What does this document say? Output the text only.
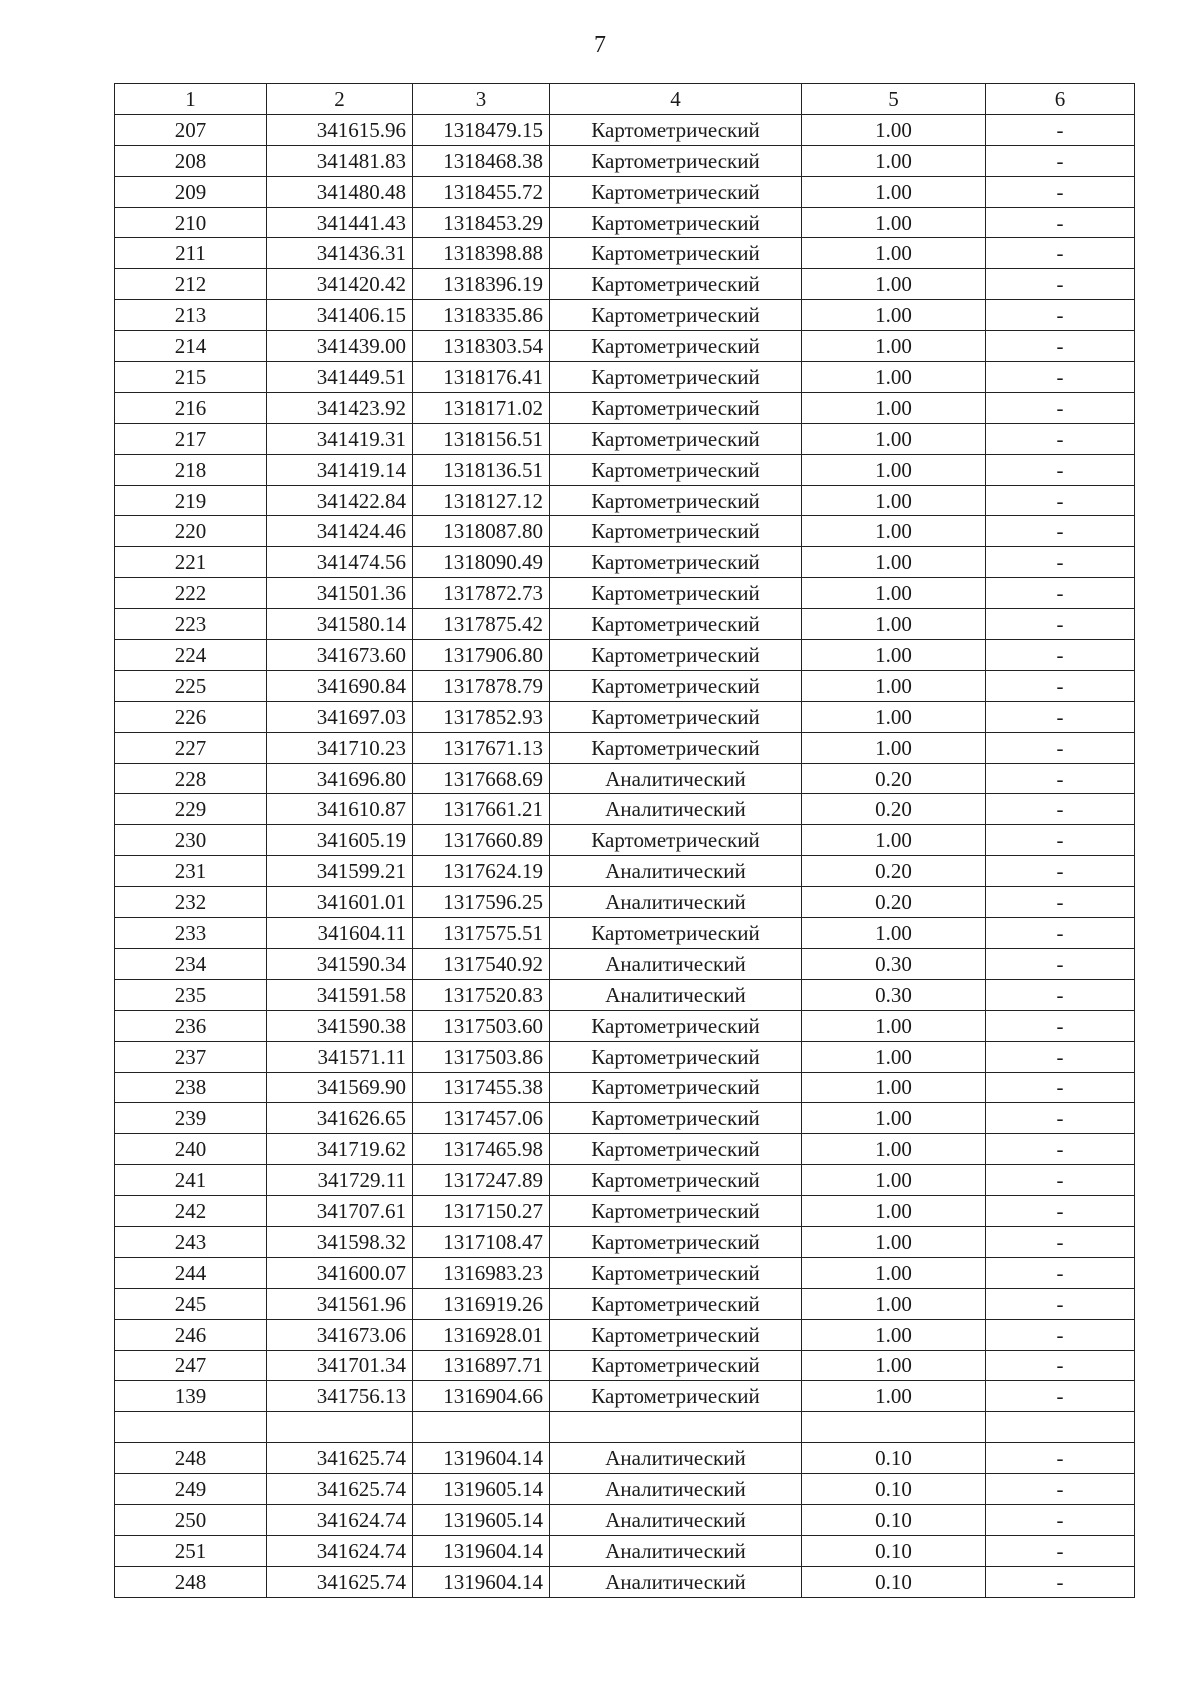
7
1	2	3	4	5	6
207	341615.96	1318479.15	Картометрический	1.00	-
208	341481.83	1318468.38	Картометрический	1.00	-
209	341480.48	1318455.72	Картометрический	1.00	-
210	341441.43	1318453.29	Картометрический	1.00	-
211	341436.31	1318398.88	Картометрический	1.00	-
212	341420.42	1318396.19	Картометрический	1.00	-
213	341406.15	1318335.86	Картометрический	1.00	-
214	341439.00	1318303.54	Картометрический	1.00	-
215	341449.51	1318176.41	Картометрический	1.00	-
216	341423.92	1318171.02	Картометрический	1.00	-
217	341419.31	1318156.51	Картометрический	1.00	-
218	341419.14	1318136.51	Картометрический	1.00	-
219	341422.84	1318127.12	Картометрический	1.00	-
220	341424.46	1318087.80	Картометрический	1.00	-
221	341474.56	1318090.49	Картометрический	1.00	-
222	341501.36	1317872.73	Картометрический	1.00	-
223	341580.14	1317875.42	Картометрический	1.00	-
224	341673.60	1317906.80	Картометрический	1.00	-
225	341690.84	1317878.79	Картометрический	1.00	-
226	341697.03	1317852.93	Картометрический	1.00	-
227	341710.23	1317671.13	Картометрический	1.00	-
228	341696.80	1317668.69	Аналитический	0.20	-
229	341610.87	1317661.21	Аналитический	0.20	-
230	341605.19	1317660.89	Картометрический	1.00	-
231	341599.21	1317624.19	Аналитический	0.20	-
232	341601.01	1317596.25	Аналитический	0.20	-
233	341604.11	1317575.51	Картометрический	1.00	-
234	341590.34	1317540.92	Аналитический	0.30	-
235	341591.58	1317520.83	Аналитический	0.30	-
236	341590.38	1317503.60	Картометрический	1.00	-
237	341571.11	1317503.86	Картометрический	1.00	-
238	341569.90	1317455.38	Картометрический	1.00	-
239	341626.65	1317457.06	Картометрический	1.00	-
240	341719.62	1317465.98	Картометрический	1.00	-
241	341729.11	1317247.89	Картометрический	1.00	-
242	341707.61	1317150.27	Картометрический	1.00	-
243	341598.32	1317108.47	Картометрический	1.00	-
244	341600.07	1316983.23	Картометрический	1.00	-
245	341561.96	1316919.26	Картометрический	1.00	-
246	341673.06	1316928.01	Картометрический	1.00	-
247	341701.34	1316897.71	Картометрический	1.00	-
139	341756.13	1316904.66	Картометрический	1.00	-

248	341625.74	1319604.14	Аналитический	0.10	-
249	341625.74	1319605.14	Аналитический	0.10	-
250	341624.74	1319605.14	Аналитический	0.10	-
251	341624.74	1319604.14	Аналитический	0.10	-
248	341625.74	1319604.14	Аналитический	0.10	-
